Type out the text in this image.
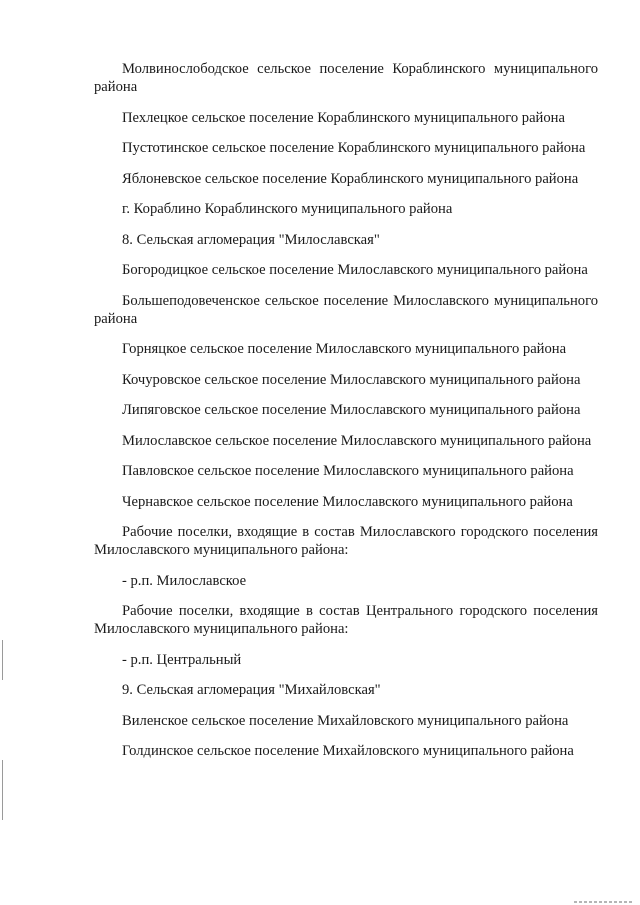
Молвинослободское сельское поселение Кораблинского муниципального района

Пехлецкое сельское поселение Кораблинского муниципального района

Пустотинское сельское поселение Кораблинского муниципального района

Яблоневское сельское поселение Кораблинского муниципального района

г. Кораблино Кораблинского муниципального района

8. Сельская агломерация "Милославская"

Богородицкое сельское поселение Милославского муниципального района

Большеподовеченское сельское поселение Милославского муниципального района

Горняцкое сельское поселение Милославского муниципального района

Кочуровское сельское поселение Милославского муниципального района

Липяговское сельское поселение Милославского муниципального района

Милославское сельское поселение Милославского муниципального района

Павловское сельское поселение Милославского муниципального района

Чернавское сельское поселение Милославского муниципального района

Рабочие поселки, входящие в состав Милославского городского поселения Милославского муниципального района:

- р.п. Милославское

Рабочие поселки, входящие в состав Центрального городского поселения Милославского муниципального района:

- р.п. Центральный

9. Сельская агломерация "Михайловская"

Виленское сельское поселение Михайловского муниципального района

Голдинское сельское поселение Михайловского муниципального района
